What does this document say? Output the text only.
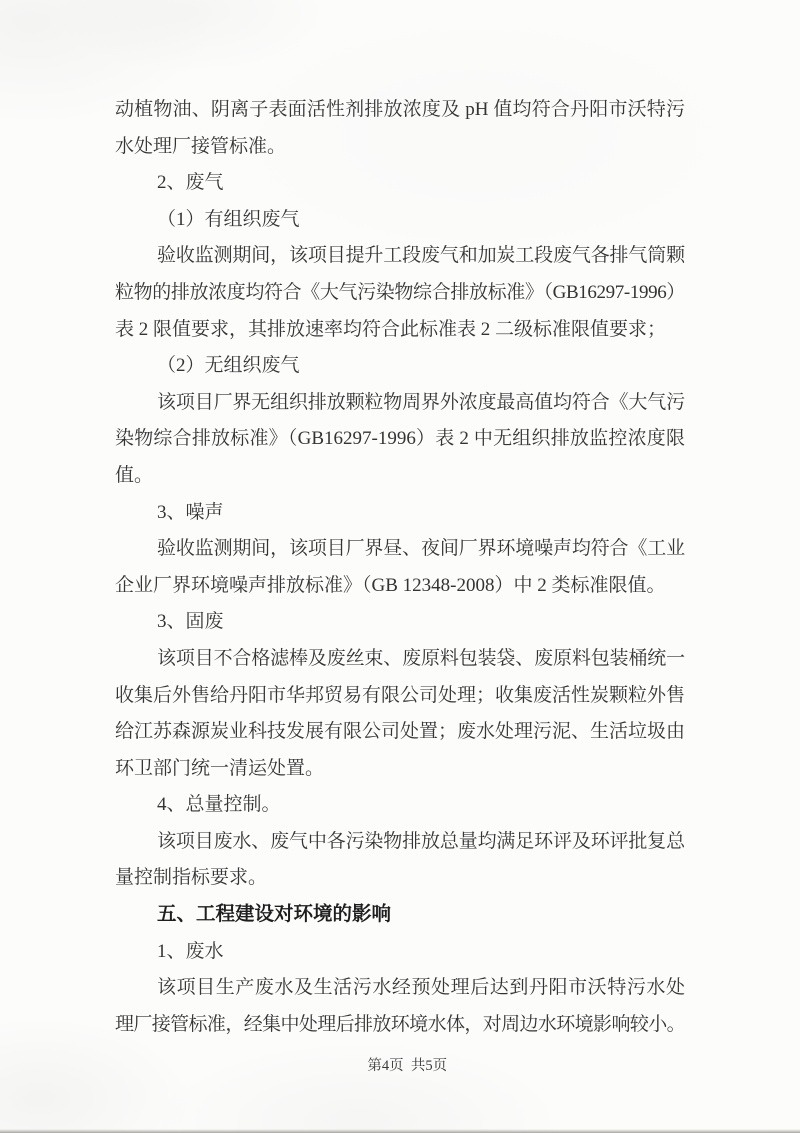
动植物油、阴离子表面活性剂排放浓度及 pH 值均符合丹阳市沃特污
水处理厂接管标准。
2、废气
（1）有组织废气
验收监测期间，该项目提升工段废气和加炭工段废气各排气筒颗
粒物的排放浓度均符合《大气污染物综合排放标准》（GB16297-1996）
表 2 限值要求，其排放速率均符合此标准表 2 二级标准限值要求；
（2）无组织废气
该项目厂界无组织排放颗粒物周界外浓度最高值均符合《大气污
染物综合排放标准》（GB16297-1996）表 2 中无组织排放监控浓度限
值。
3、噪声
验收监测期间，该项目厂界昼、夜间厂界环境噪声均符合《工业
企业厂界环境噪声排放标准》（GB 12348-2008）中 2 类标准限值。
3、固废
该项目不合格滤棒及废丝束、废原料包装袋、废原料包装桶统一
收集后外售给丹阳市华邦贸易有限公司处理；收集废活性炭颗粒外售
给江苏森源炭业科技发展有限公司处置；废水处理污泥、生活垃圾由
环卫部门统一清运处置。
4、总量控制。
该项目废水、废气中各污染物排放总量均满足环评及环评批复总
量控制指标要求。
五、工程建设对环境的影响
1、废水
该项目生产废水及生活污水经预处理后达到丹阳市沃特污水处
理厂接管标准，经集中处理后排放环境水体，对周边水环境影响较小。

第4页  共5页
